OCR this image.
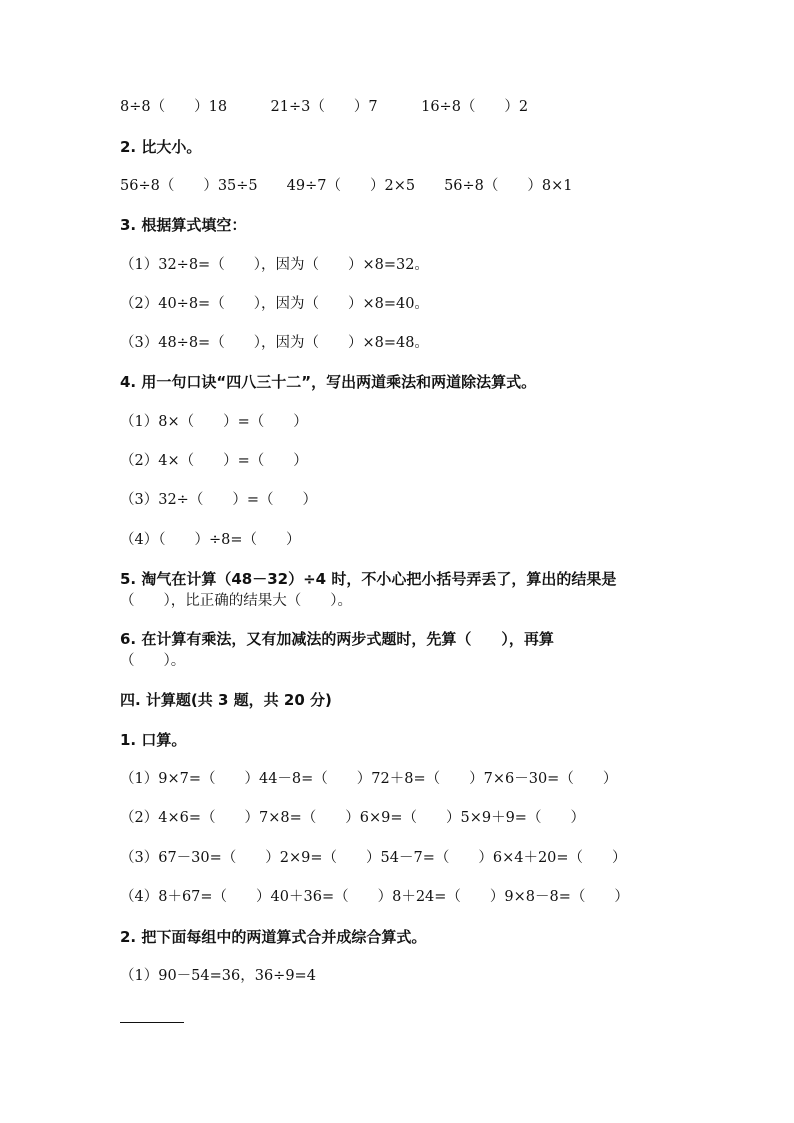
8÷8（　　）18　　　21÷3（　　）7　　　16÷8（　　）2
2. 比大小。
56÷8（　　）35÷5　　49÷7（　　）2×5　　56÷8（　　）8×1
3. 根据算式填空：
（1）32÷8=（　　），因为（　　）×8=32。
（2）40÷8=（　　），因为（　　）×8=40。
（3）48÷8=（　　），因为（　　）×8=48。
4. 用一句口诀“四八三十二”，写出两道乘法和两道除法算式。
（1）8×（　　）=（　　）
（2）4×（　　）=（　　）
（3）32÷（　　）=（　　）
（4）（　　）÷8=（　　）
5. 淘气在计算（48－32）÷4 时，不小心把小括号弄丢了，算出的结果是
（　　），比正确的结果大（　　）。
6. 在计算有乘法，又有加减法的两步式题时，先算（　　），再算
（　　）。
四. 计算题(共 3 题，共 20 分)
1. 口算。
（1）9×7=（　　）44－8=（　　）72＋8=（　　）7×6－30=（　　）
（2）4×6=（　　）7×8=（　　）6×9=（　　）5×9＋9=（　　）
（3）67－30=（　　）2×9=（　　）54－7=（　　）6×4＋20=（　　）
（4）8＋67=（　　）40＋36=（　　）8＋24=（　　）9×8－8=（　　）
2. 把下面每组中的两道算式合并成综合算式。
（1）90－54=36，36÷9=4
